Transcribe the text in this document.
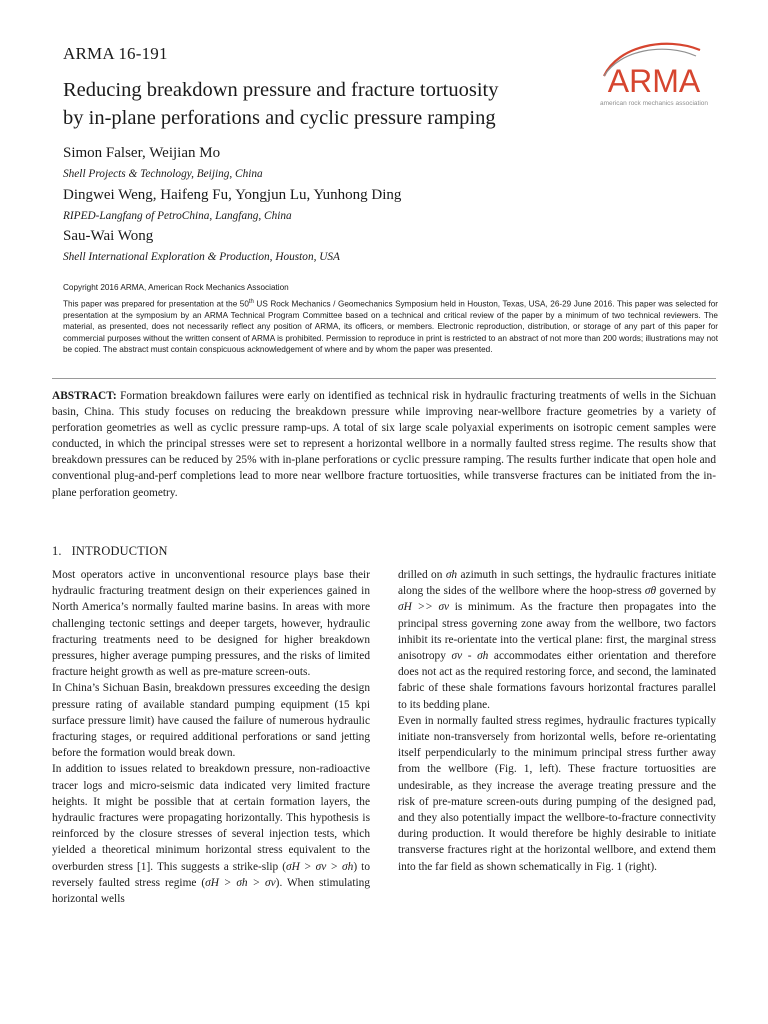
ARMA 16-191
Reducing breakdown pressure and fracture tortuosity
by in-plane perforations and cyclic pressure ramping
ARMA
american rock mechanics association
Simon Falser, Weijian Mo
Shell Projects & Technology, Beijing, China
Dingwei Weng, Haifeng Fu, Yongjun Lu, Yunhong Ding
RIPED-Langfang of PetroChina, Langfang, China
Sau-Wai Wong
Shell International Exploration & Production, Houston, USA

Copyright 2016 ARMA, American Rock Mechanics Association

This paper was prepared for presentation at the 50th US Rock Mechanics / Geomechanics Symposium held in Houston, Texas, USA, 26-29 June 2016. This paper was selected for presentation at the symposium by an ARMA Technical Program Committee based on a technical and critical review of the paper by a minimum of two technical reviewers. The material, as presented, does not necessarily reflect any position of ARMA, its officers, or members. Electronic reproduction, distribution, or storage of any part of this paper for commercial purposes without the written consent of ARMA is prohibited. Permission to reproduce in print is restricted to an abstract of not more than 200 words; illustrations may not be copied. The abstract must contain conspicuous acknowledgement of where and by whom the paper was presented.

ABSTRACT: Formation breakdown failures were early on identified as technical risk in hydraulic fracturing treatments of wells in the Sichuan basin, China. This study focuses on reducing the breakdown pressure while improving near-wellbore fracture geometries by a variety of perforation geometries as well as cyclic pressure ramp-ups. A total of six large scale polyaxial experiments on isotropic cement samples were conducted, in which the principal stresses were set to represent a horizontal wellbore in a normally faulted stress regime. The results show that breakdown pressures can be reduced by 25% with in-plane perforations or cyclic pressure ramping. The results further indicate that open hole and conventional plug-and-perf completions lead to more near wellbore fracture tortuosities, while transverse fractures can be initiated from the in-plane perforation geometry.
1. INTRODUCTION

Most operators active in unconventional resource plays base their hydraulic fracturing treatment design on their experiences gained in North America’s normally faulted marine basins. In areas with more challenging tectonic settings and deeper targets, however, hydraulic fracturing treatments need to be designed for higher breakdown pressures, higher average pumping pressures, and the risks of limited fracture height growth as well as pre-mature screen-outs.

In China’s Sichuan Basin, breakdown pressures exceeding the design pressure rating of available standard pumping equipment (15 kpi surface pressure limit) have caused the failure of numerous hydraulic fracturing stages, or required additional perforations or sand jetting before the formation would break down.

In addition to issues related to breakdown pressure, non-radioactive tracer logs and micro-seismic data indicated very limited fracture heights. It might be possible that at certain formation layers, the hydraulic fractures were propagating horizontally. This hypothesis is reinforced by the closure stresses of several injection tests, which yielded a theoretical minimum horizontal stress equivalent to the overburden stress [1]. This suggests a strike-slip (σH > σv > σh) to reversely faulted stress regime (σH > σh > σv). When stimulating horizontal wells

drilled on σh azimuth in such settings, the hydraulic fractures initiate along the sides of the wellbore where the hoop-stress σθ governed by σH >> σv is minimum. As the fracture then propagates into the principal stress governing zone away from the wellbore, two factors inhibit its re-orientate into the vertical plane: first, the marginal stress anisotropy σv - σh accommodates either orientation and therefore does not act as the required restoring force, and second, the laminated fabric of these shale formations favours horizontal fractures parallel to its bedding plane.

Even in normally faulted stress regimes, hydraulic fractures typically initiate non-transversely from horizontal wells, before re-orientating itself perpendicularly to the minimum principal stress further away from the wellbore (Fig. 1, left). These fracture tortuosities are undesirable, as they increase the average treating pressure and the risk of pre-mature screen-outs during pumping of the designed pad, and they also potentially impact the wellbore-to-fracture connectivity during production. It would therefore be highly desirable to initiate transverse fractures right at the horizontal wellbore, and extend them into the far field as shown schematically in Fig. 1 (right).
